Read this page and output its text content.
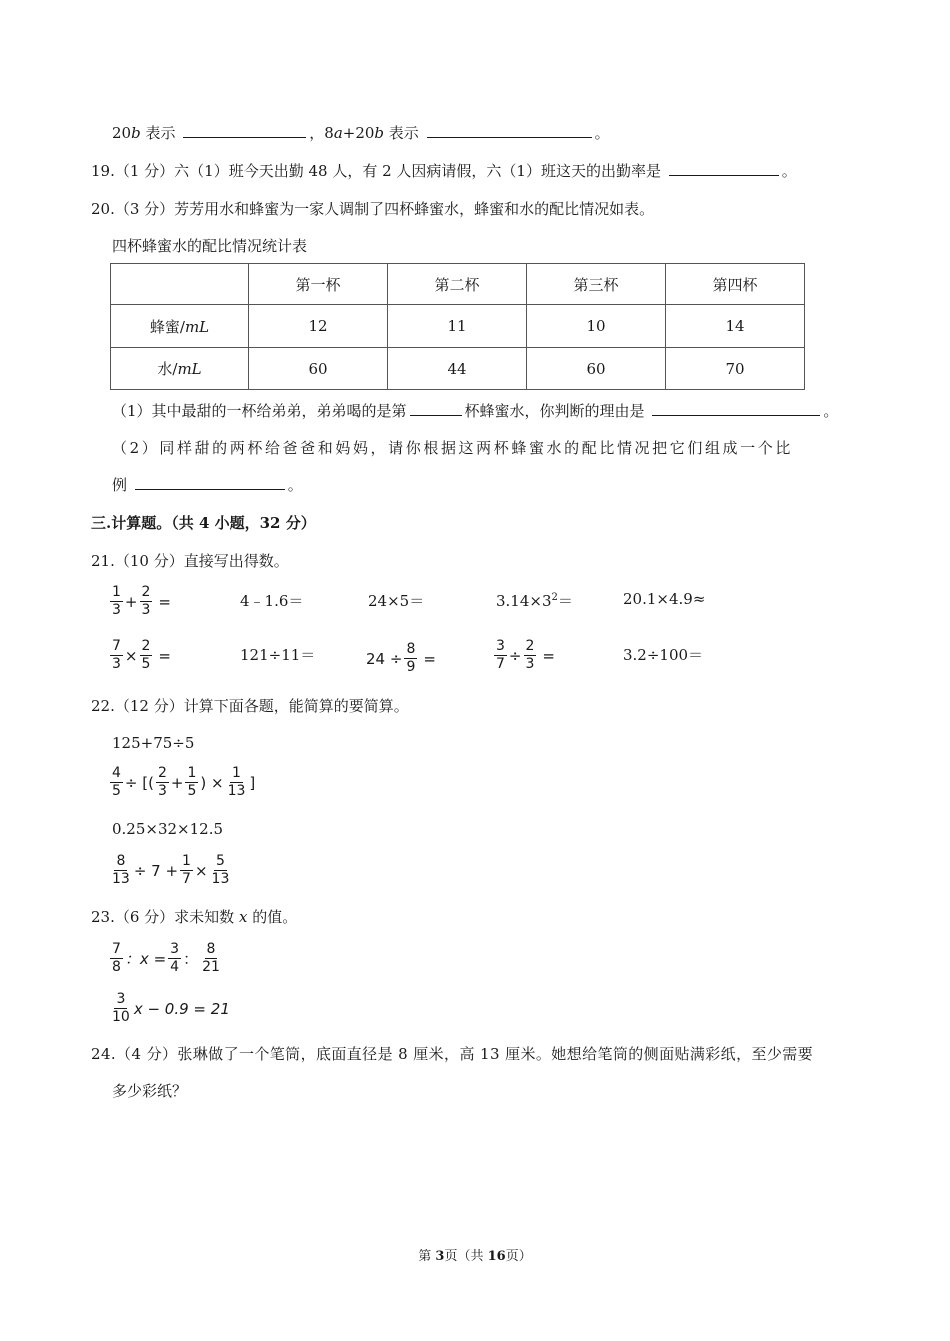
20b 表示	，8a+20b 表示	。
19.（1 分）六（1）班今天出勤 48 人，有 2 人因病请假，六（1）班这天的出勤率是	。
20.（3 分）芳芳用水和蜂蜜为一家人调制了四杯蜂蜜水，蜂蜜和水的配比情况如表。
四杯蜂蜜水的配比情况统计表
	第一杯	第二杯	第三杯	第四杯
蜂蜜/mL	12	11	10	14
水/mL	60	44	60	70
（1）其中最甜的一杯给弟弟，弟弟喝的是第	杯蜂蜜水，你判断的理由是	。
（2）同样甜的两杯给爸爸和妈妈，请你根据这两杯蜂蜜水的配比情况把它们组成一个比
例	。
三.计算题。（共 4 小题，32 分）
21.（10 分）直接写出得数。
$\frac{1}{3} + \frac{2}{3}$ =	4﹣1.6＝	24×5＝	$3.14\times 3^2=$	20.1×4.9≈
$\frac{7}{3} \times \frac{2}{5}$ =	121÷11＝	$24 \div \frac{8}{9}$ =	$\frac{3}{7} \div \frac{2}{3}$ =	3.2÷100＝
22.（12 分）计算下面各题，能简算的要简算。
125+75÷5
$\frac{4}{5}$ ÷ [( $\frac{2}{3} + \frac{1}{5}$ ) × $\frac{1}{13}$ ]
0.25×32×12.5
$\frac{8}{13} \div 7 + \frac{1}{7} \times \frac{5}{13}$
23.（6 分）求未知数 x 的值。
$\frac{7}{8}$ ：$x = \frac{3}{4}$ ： $\frac{8}{21}$
$\frac{3}{10}$ x − 0.9 = 21
24.（4 分）张琳做了一个笔筒，底面直径是 8 厘米，高 13 厘米。她想给笔筒的侧面贴满彩纸，至少需要
多少彩纸？
第 3页（共 16页）
